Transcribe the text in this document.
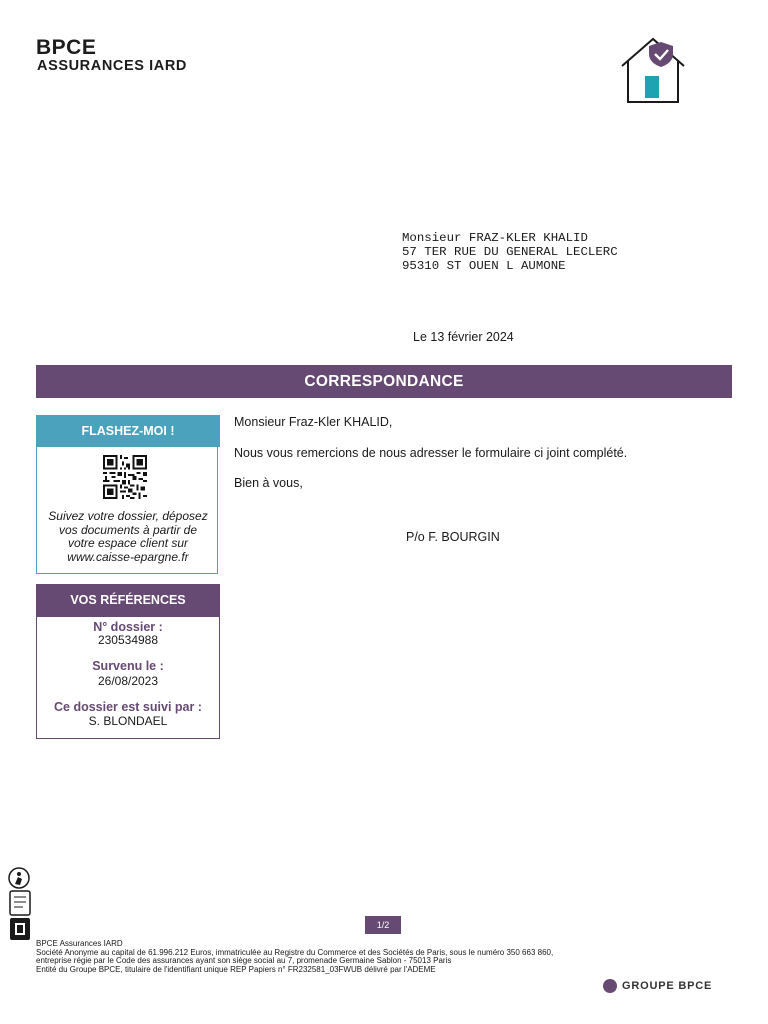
BPCE
ASSURANCES IARD
Monsieur FRAZ-KLER KHALID
57 TER RUE DU GENERAL LECLERC
95310 ST OUEN L AUMONE
Le 13 février 2024
CORRESPONDANCE
FLASHEZ-MOI !
Suivez votre dossier, déposez
vos documents à partir de
votre espace client sur
www.caisse-epargne.fr
VOS RÉFÉRENCES
N° dossier :
230534988
Survenu le :
26/08/2023
Ce dossier est suivi par :
S. BLONDAEL
Monsieur Fraz-Kler KHALID,
Nous vous remercions de nous adresser le formulaire ci joint complété.
Bien à vous,
P/o F. BOURGIN
1/2
BPCE Assurances IARD
Société Anonyme au capital de 61.996.212 Euros, immatriculée au Registre du Commerce et des Sociétés de Paris, sous le numéro 350 663 860,
entreprise régie par le Code des assurances ayant son siège social au 7, promenade Germaine Sablon - 75013 Paris
Entité du Groupe BPCE, titulaire de l'identifiant unique REP Papiers n° FR232581_03FWUB délivré par l'ADEME
GROUPE BPCE
